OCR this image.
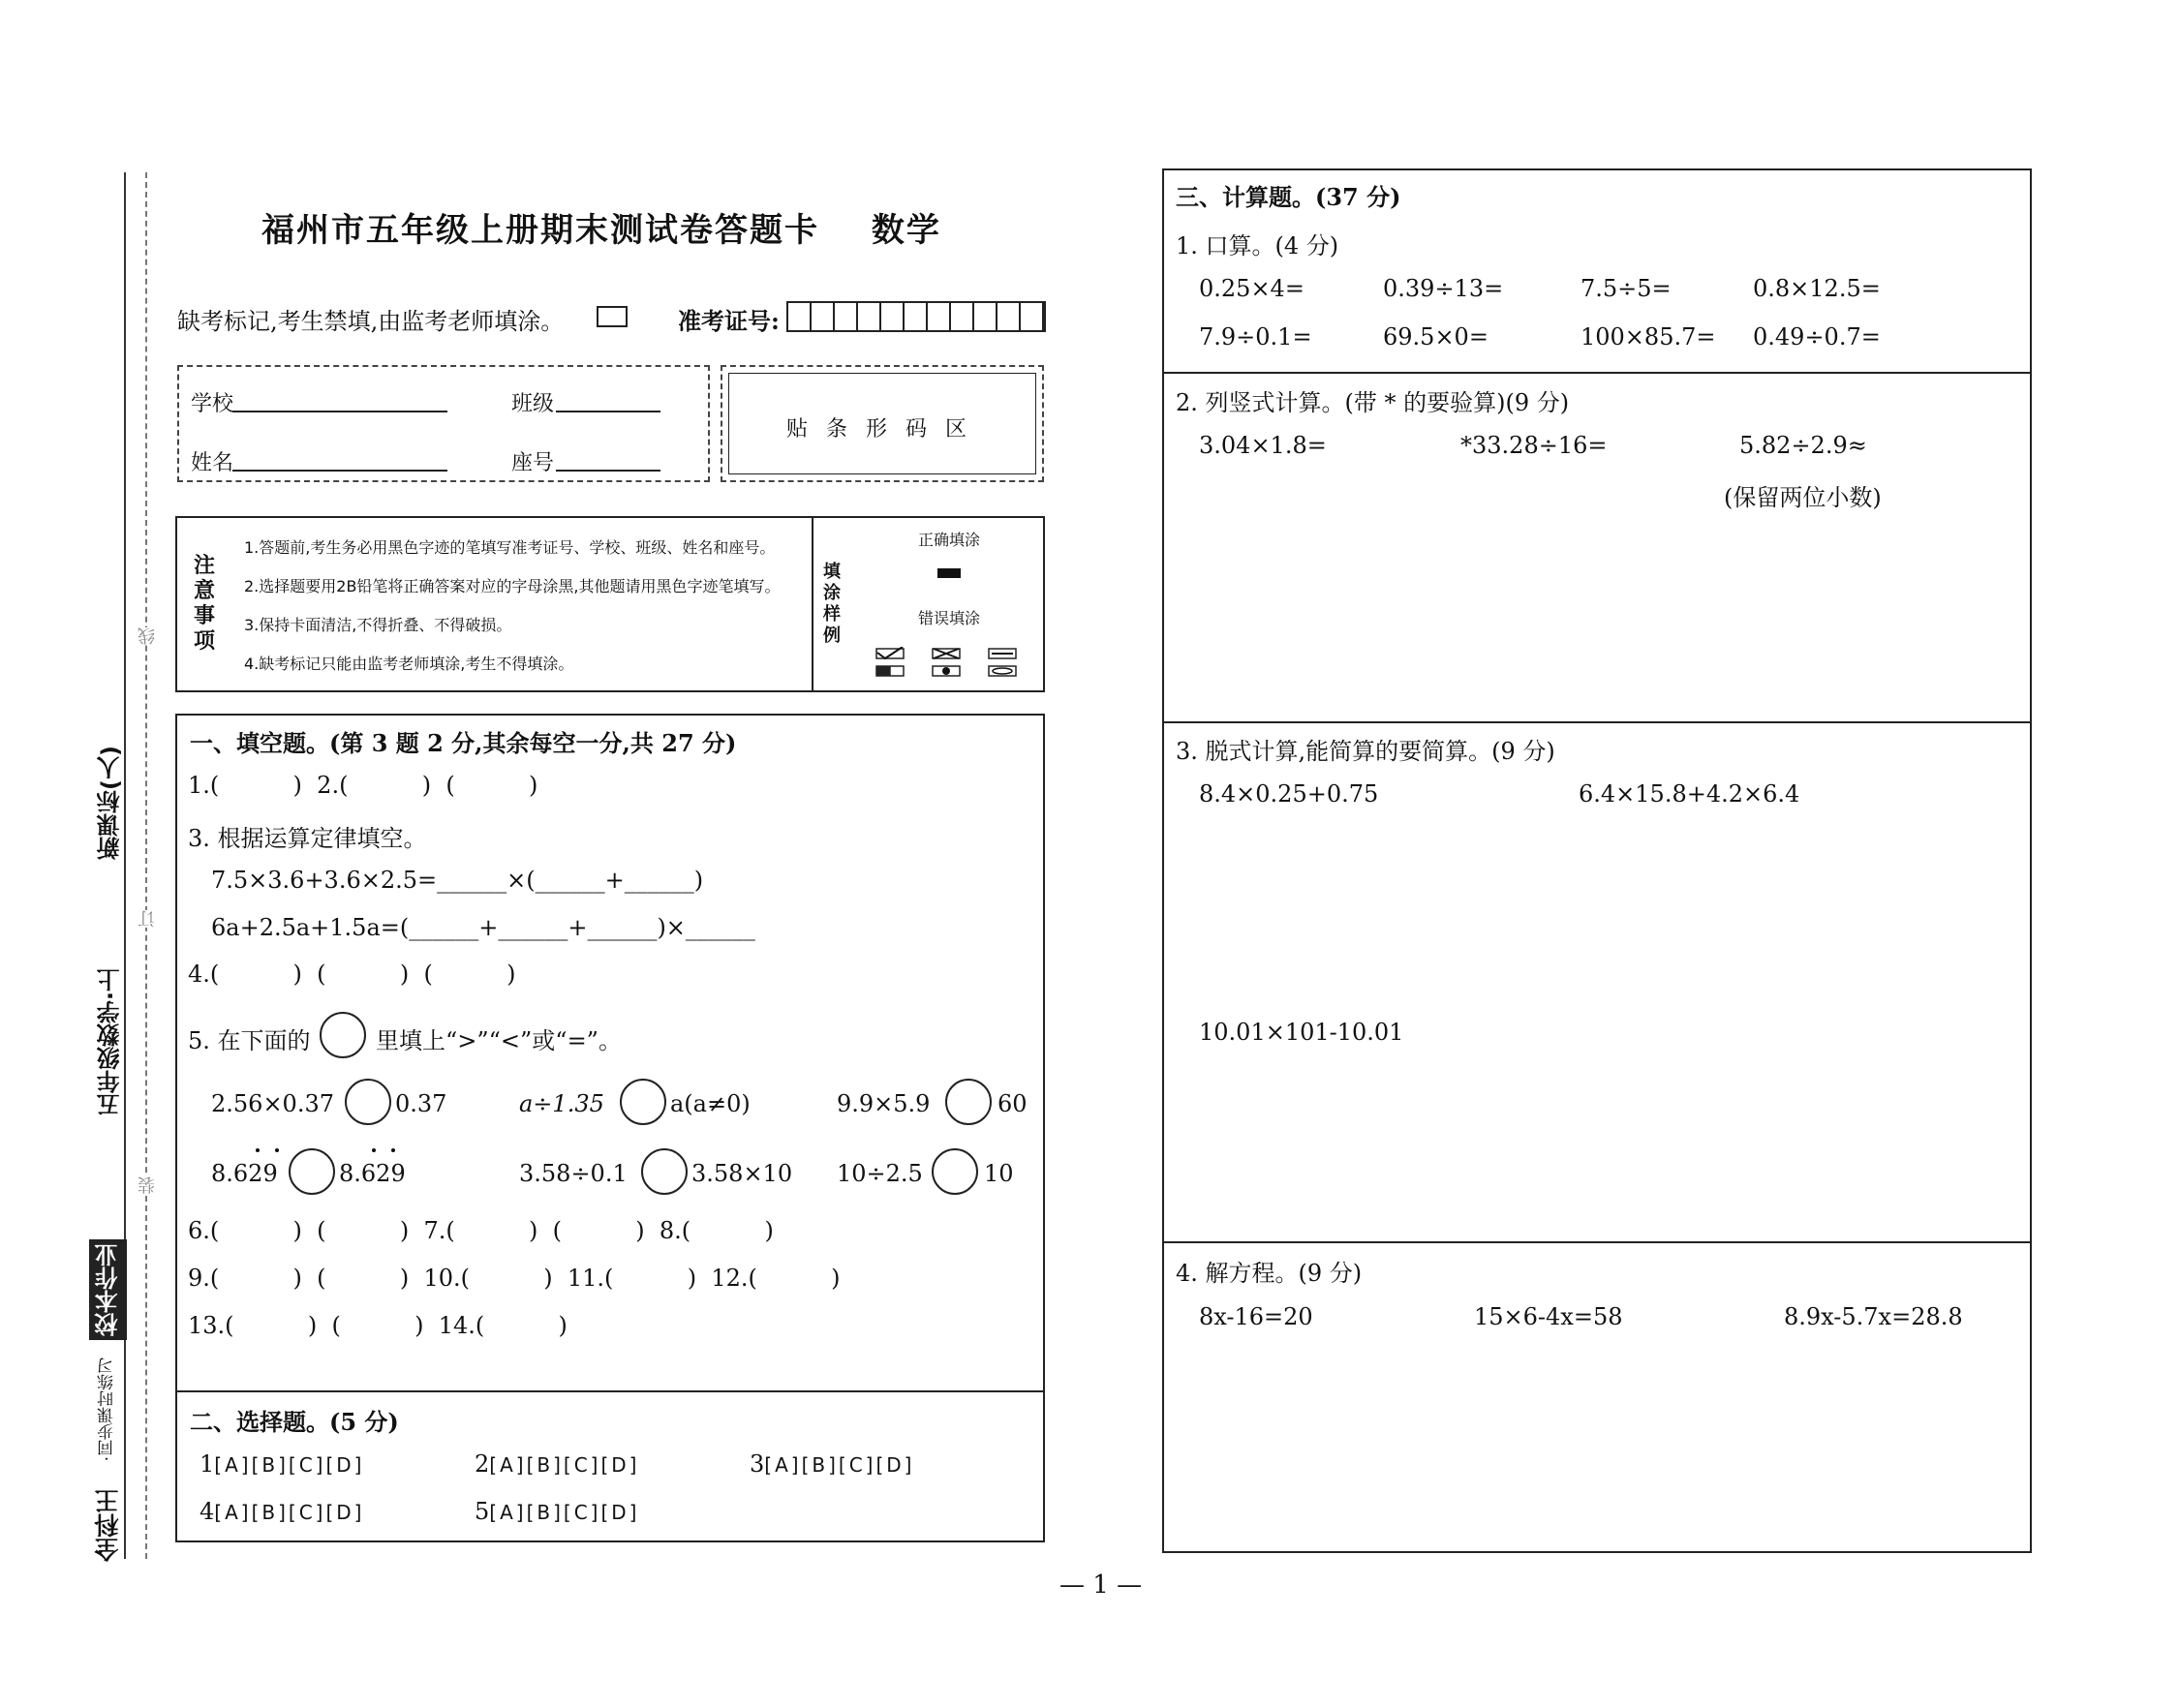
线
订
装
新课标(人)
五年级数学·上
校本作业
·同步课时练习
全科王
福州市五年级上册期末测试卷答题卡 数学
缺考标记,考生禁填,由监考老师填涂。	准考证号:
学校	班级
姓名	座号
贴 条 形 码 区
注意事项
1.答题前,考生务必用黑色字迹的笔填写准考证号、学校、班级、姓名和座号。
2.选择题要用2B铅笔将正确答案对应的字母涂黑,其他题请用黑色字迹笔填写。
3.保持卡面清洁,不得折叠、不得破损。
4.缺考标记只能由监考老师填涂,考生不得填涂。
填涂样例
正确填涂
错误填涂
一、填空题。(第 3 题 2 分,其余每空一分,共 27 分)
1.(          )  2.(          )  (          )
3. 根据运算定律填空。
7.5×3.6+3.6×2.5=______×(______+______)
6a+2.5a+1.5a=(______+______+______)×______
4.(          )  (          )  (          )
5. 在下面的	里填上“>”“<”或“=”。
2.56×0.37	0.37	a÷1.35	a(a≠0)	9.9×5.9	60
8.629	8.629	3.58÷0.1	3.58×10 10÷2.5	10
6.(          )  (          )  7.(          )  (          )  8.(          )
9.(          )  (          )  10.(          )  11.(          )  12.(          )
13.(          )  (          )  14.(          )
二、选择题。(5 分)
1[A][B][C][D]	2[A][B][C][D]	3[A][B][C][D]
4[A][B][C][D]	5[A][B][C][D]
三、计算题。(37 分)
1. 口算。(4 分)
0.25×4=	0.39÷13=	7.5÷5=	0.8×12.5=
7.9÷0.1=	69.5×0=	100×85.7= 0.49÷0.7=
2. 列竖式计算。(带 * 的要验算)(9 分)
3.04×1.8=	*33.28÷16=	5.82÷2.9≈
(保留两位小数)
3. 脱式计算,能简算的要简算。(9 分)
8.4×0.25+0.75	6.4×15.8+4.2×6.4
10.01×101-10.01
4. 解方程。(9 分)
8x-16=20	15×6-4x=58	8.9x-5.7x=28.8
— 1 —
